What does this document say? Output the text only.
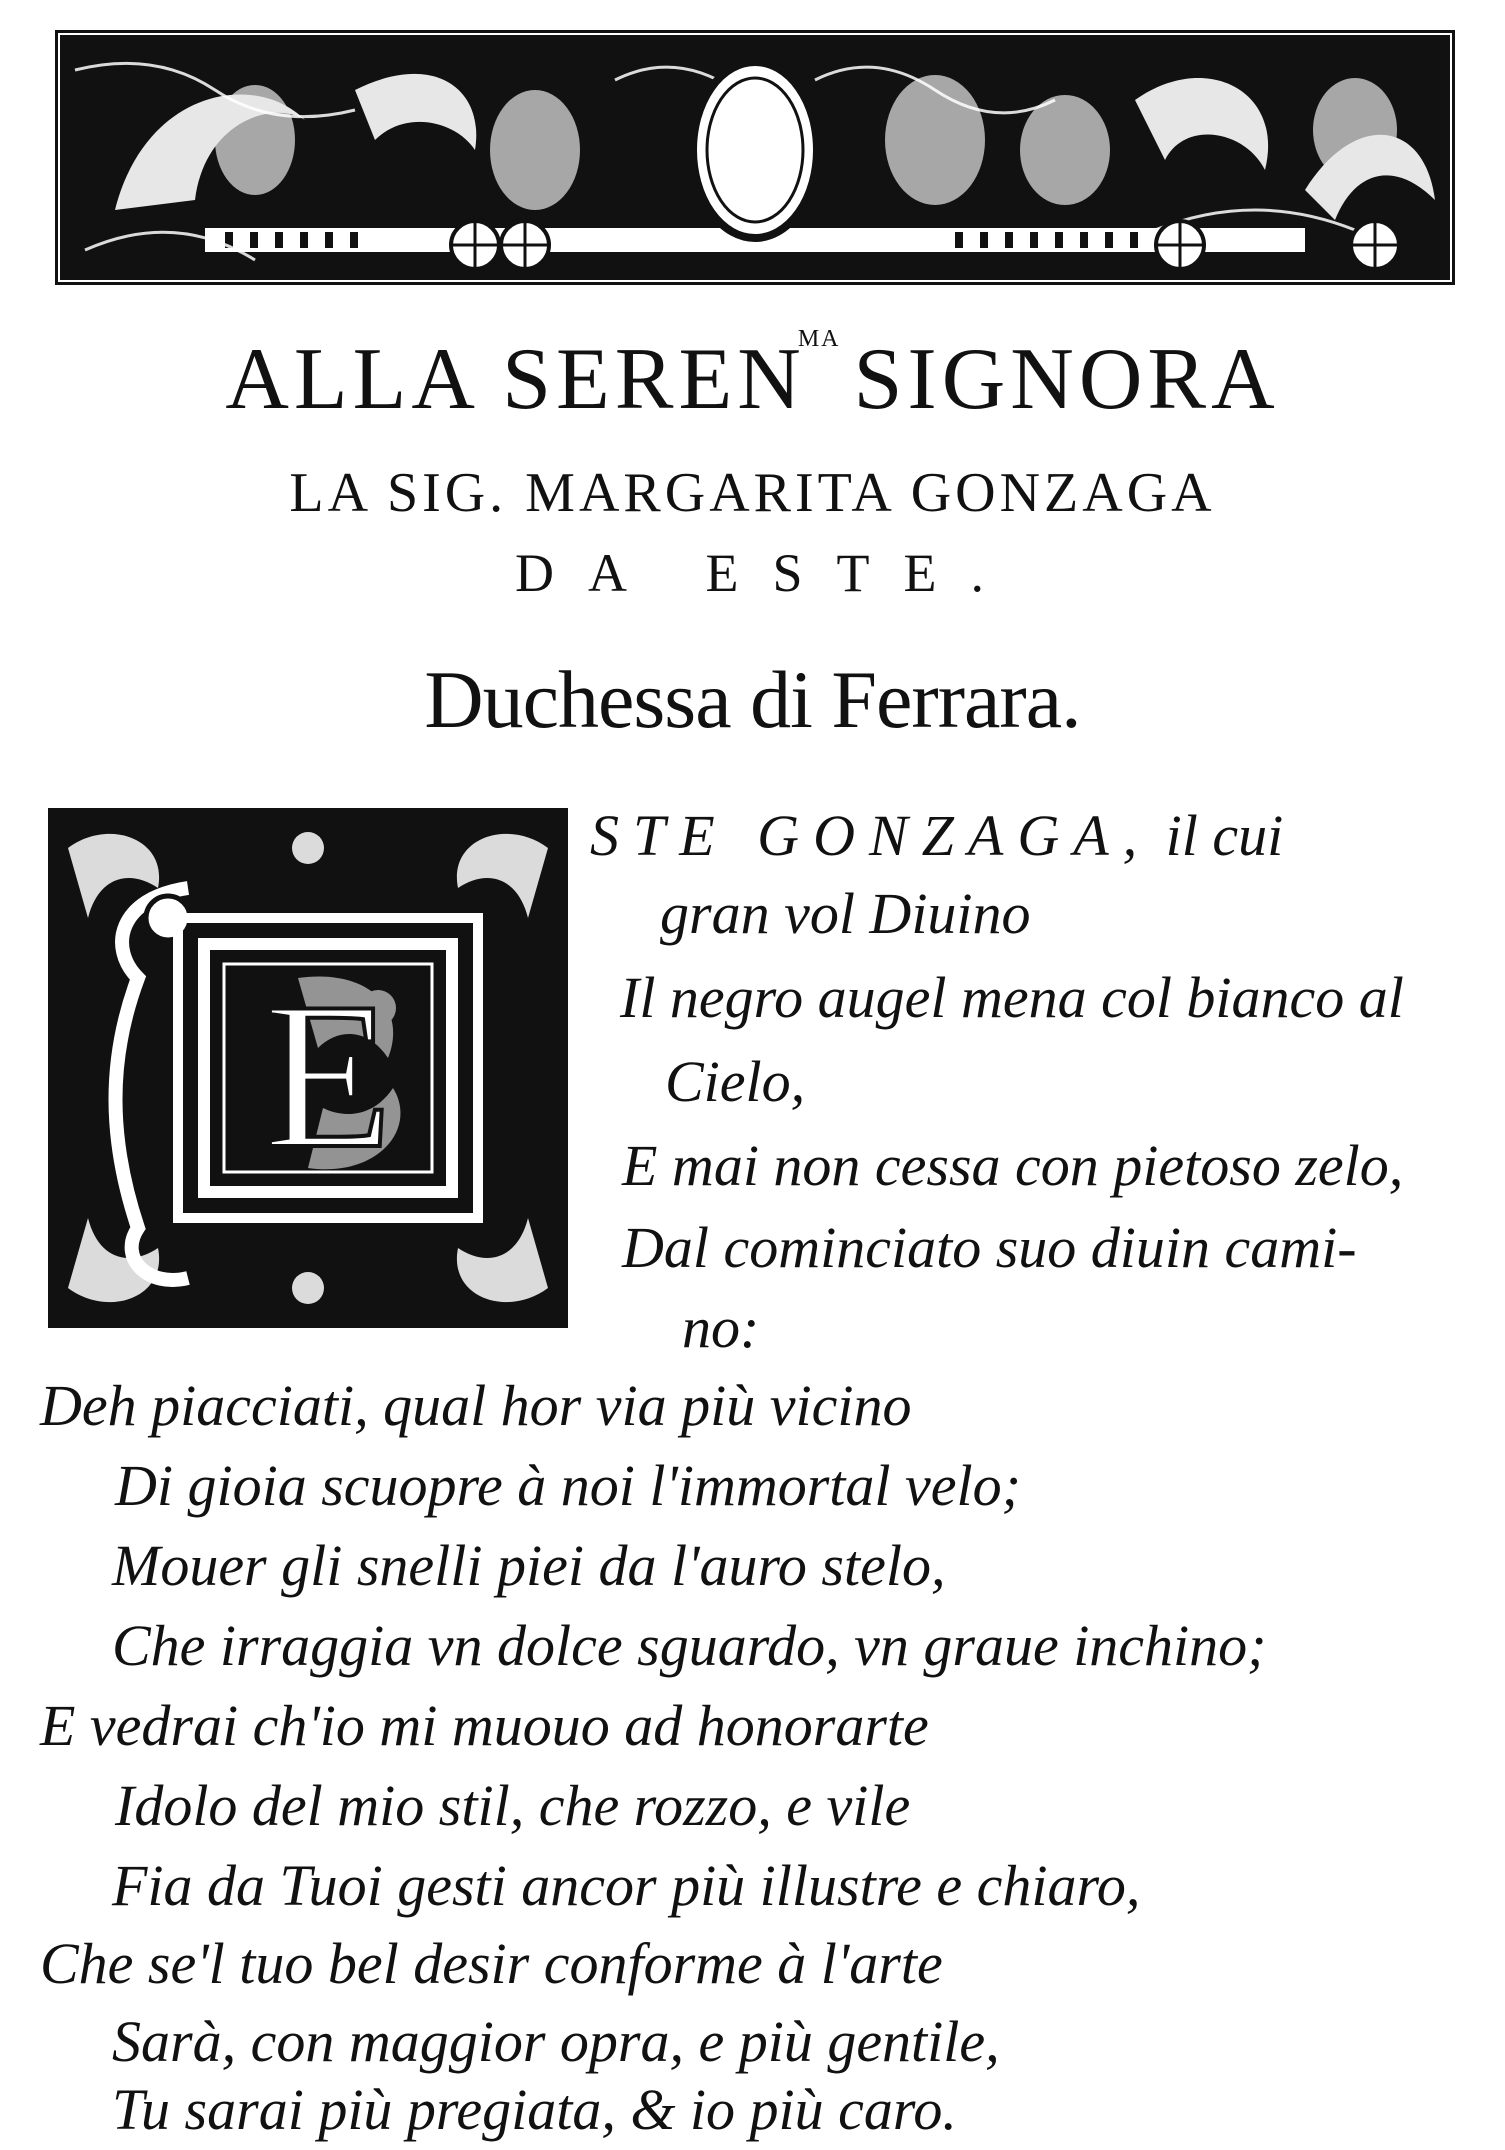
ALLA $SEREN^{MA}$ SIGNORA
LA SIG. MARGARITA GONZAGA
DA ESTE.
Duchessa di Ferrara.
E
STE GONZAGA, il cui
gran vol Diuino
Il negro augel mena col bianco al
Cielo,
E mai non cessa con pietoso zelo,
Dal cominciato suo diuin cami-
no:
Deh piacciati, qual hor via più vicino
Di gioia scuopre à noi l'immortal velo;
Mouer gli snelli piei da l'auro stelo,
Che irraggia vn dolce sguardo, vn graue inchino;
E vedrai ch'io mi muouo ad honorarte
Idolo del mio stil, che rozzo, e vile
Fia da Tuoi gesti ancor più illustre e chiaro,
Che se'l tuo bel desir conforme à l'arte
Sarà, con maggior opra, e più gentile,
Tu sarai più pregiata, & io più caro.
